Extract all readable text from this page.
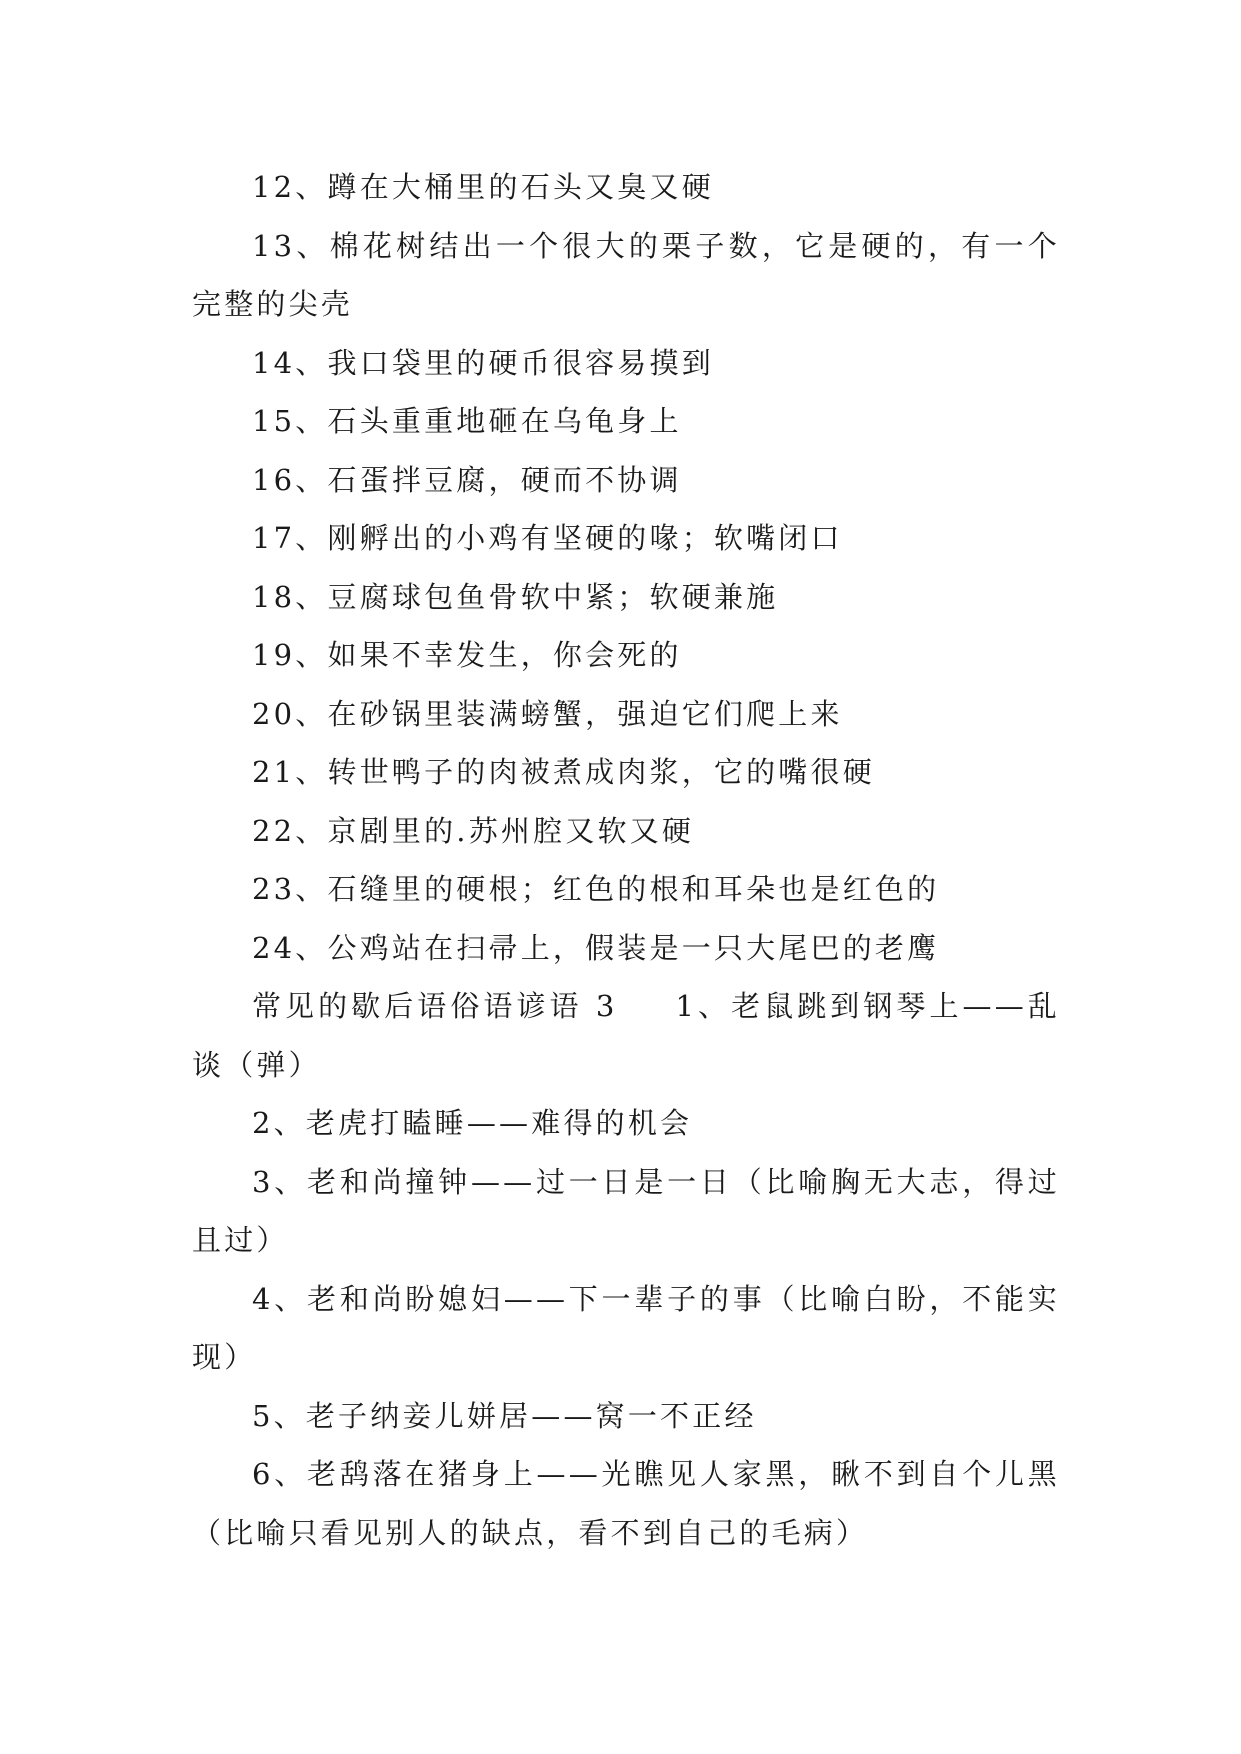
12、蹲在大桶里的石头又臭又硬

13、棉花树结出一个很大的栗子数，它是硬的，有一个完整的尖壳

14、我口袋里的硬币很容易摸到

15、石头重重地砸在乌龟身上

16、石蛋拌豆腐，硬而不协调

17、刚孵出的小鸡有坚硬的喙；软嘴闭口

18、豆腐球包鱼骨软中紧；软硬兼施

19、如果不幸发生，你会死的

20、在砂锅里装满螃蟹，强迫它们爬上来

21、转世鸭子的肉被煮成肉浆，它的嘴很硬

22、京剧里的.苏州腔又软又硬

23、石缝里的硬根；红色的根和耳朵也是红色的

24、公鸡站在扫帚上，假装是一只大尾巴的老鹰

常见的歇后语俗语谚语 3 1、老鼠跳到钢琴上——乱谈（弹）

2、老虎打瞌睡——难得的机会

3、老和尚撞钟——过一日是一日（比喻胸无大志，得过且过）

4、老和尚盼媳妇——下一辈子的事（比喻白盼，不能实现）

5、老子纳妾儿姘居——窝一不正经

6、老鸹落在猪身上——光瞧见人家黑，瞅不到自个儿黑（比喻只看见别人的缺点，看不到自己的毛病）
